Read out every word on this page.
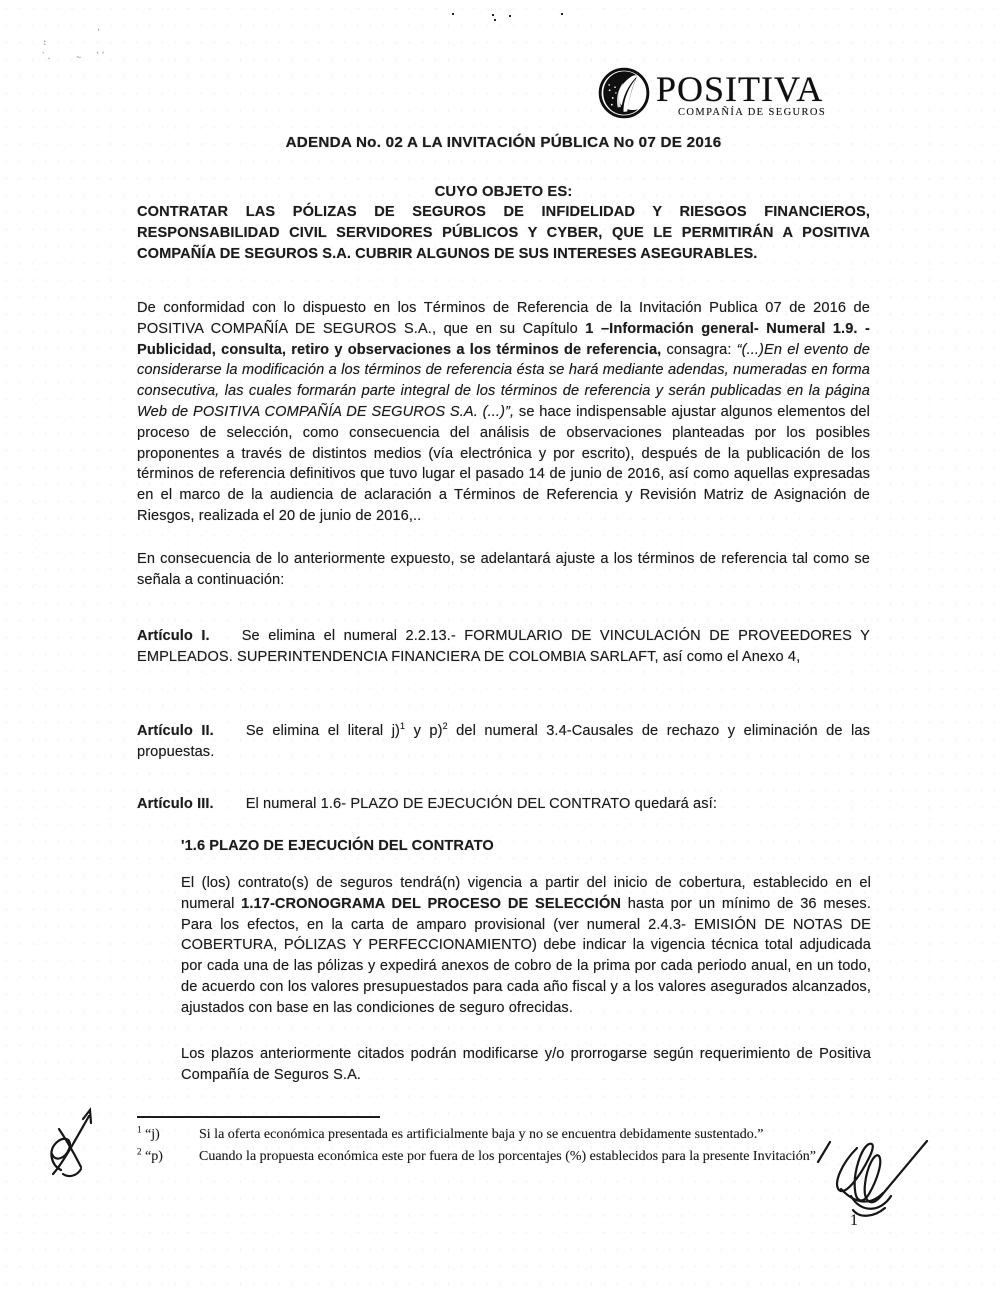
:
`.	~
'
''
POSITIVA
COMPAÑÍA DE SEGUROS
ADENDA No. 02 A LA INVITACIÓN PÚBLICA No 07 DE 2016
CUYO OBJETO ES:
CONTRATAR LAS PÓLIZAS DE SEGUROS DE INFIDELIDAD Y RIESGOS FINANCIEROS, RESPONSABILIDAD CIVIL SERVIDORES PÚBLICOS Y CYBER, QUE LE PERMITIRÁN A POSITIVA COMPAÑÍA DE SEGUROS S.A. CUBRIR ALGUNOS DE SUS INTERESES ASEGURABLES.
De conformidad con lo dispuesto en los Términos de Referencia de la Invitación Publica 07 de 2016 de POSITIVA COMPAÑÍA DE SEGUROS S.A., que en su Capítulo 1 –Información general- Numeral 1.9. - Publicidad, consulta, retiro y observaciones a los términos de referencia, consagra: “(...)En el evento de considerarse la modificación a los términos de referencia ésta se hará mediante adendas, numeradas en forma consecutiva, las cuales formarán parte integral de los términos de referencia y serán publicadas en la página Web de POSITIVA COMPAÑÍA DE SEGUROS S.A. (...)”, se hace indispensable ajustar algunos elementos del proceso de selección, como consecuencia del análisis de observaciones planteadas por los posibles proponentes a través de distintos medios (vía electrónica y por escrito), después de la publicación de los términos de referencia definitivos que tuvo lugar el pasado 14 de junio de 2016, así como aquellas expresadas en el marco de la audiencia de aclaración a Términos de Referencia y Revisión Matriz de Asignación de Riesgos, realizada el 20 de junio de 2016,..
En consecuencia de lo anteriormente expuesto, se adelantará ajuste a los términos de referencia tal como se señala a continuación:
Artículo I. Se elimina el numeral 2.2.13.- FORMULARIO DE VINCULACIÓN DE PROVEEDORES Y EMPLEADOS. SUPERINTENDENCIA FINANCIERA DE COLOMBIA SARLAFT, así como el Anexo 4,
Artículo II. Se elimina el literal j)$^1$ y p)$^2$ del numeral 3.4-Causales de rechazo y eliminación de las propuestas.
Artículo III. El numeral 1.6- PLAZO DE EJECUCIÓN DEL CONTRATO quedará así:
'1.6 PLAZO DE EJECUCIÓN DEL CONTRATO
El (los) contrato(s) de seguros tendrá(n) vigencia a partir del inicio de cobertura, establecido en el numeral 1.17-CRONOGRAMA DEL PROCESO DE SELECCIÓN hasta por un mínimo de 36 meses. Para los efectos, en la carta de amparo provisional (ver numeral 2.4.3- EMISIÓN DE NOTAS DE COBERTURA, PÓLIZAS Y PERFECCIONAMIENTO) debe indicar la vigencia técnica total adjudicada por cada una de las pólizas y expedirá anexos de cobro de la prima por cada periodo anual, en un todo, de acuerdo con los valores presupuestados para cada año fiscal y a los valores asegurados alcanzados, ajustados con base en las condiciones de seguro ofrecidas.
Los plazos anteriormente citados podrán modificarse y/o prorrogarse según requerimiento de Positiva Compañía de Seguros S.A.
$^1$ “j)	Si la oferta económica presentada es artificialmente baja y no se encuentra debidamente sustentado.”
$^2$ “p)	Cuando la propuesta económica este por fuera de los porcentajes (%) establecidos para la presente Invitación”
1
